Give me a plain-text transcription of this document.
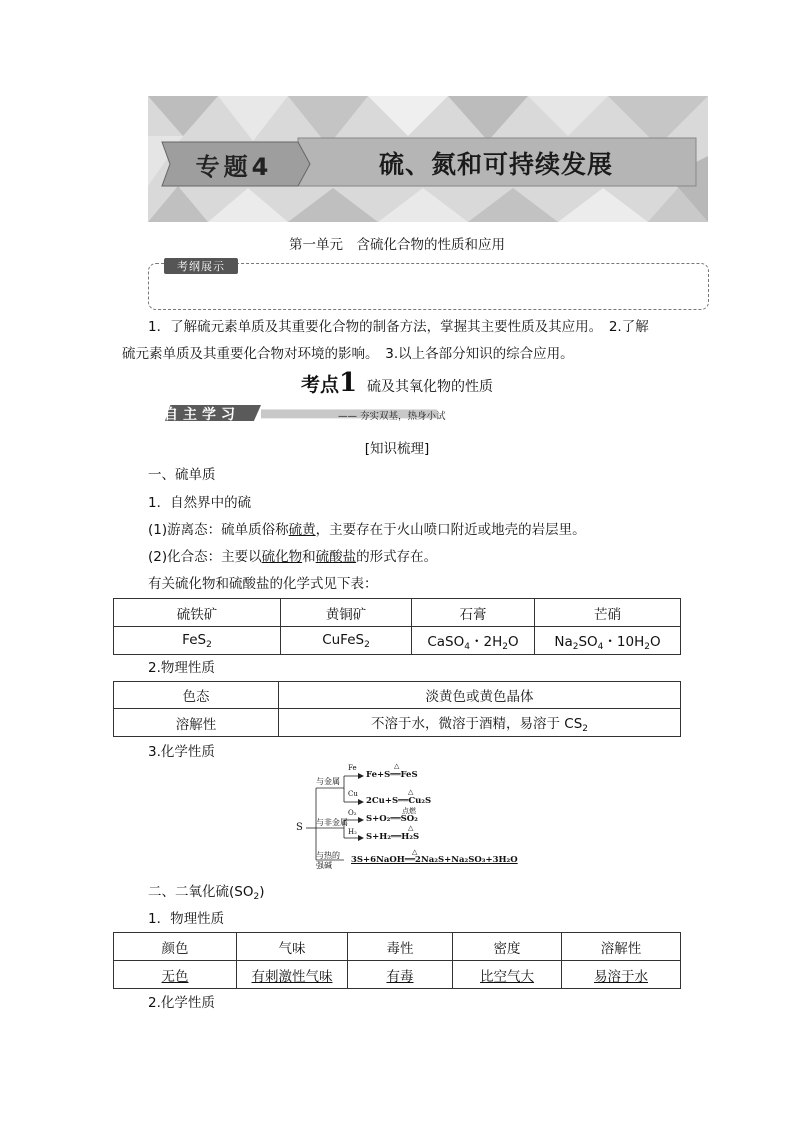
专题4	硫、氮和可持续发展
第一单元　含硫化合物的性质和应用
考纲展示
1．了解硫元素单质及其重要化合物的制备方法，掌握其主要性质及其应用。　2.了解
硫元素单质及其重要化合物对环境的影响。　3.以上各部分知识的综合应用。
考点1 硫及其氧化物的性质
自主学习	—— 夯实双基，热身小试
[知识梳理]
一、硫单质
1．自然界中的硫
(1)游离态：硫单质俗称硫黄，主要存在于火山喷口附近或地壳的岩层里。
(2)化合态：主要以硫化物和硫酸盐的形式存在。
有关硫化物和硫酸盐的化学式见下表：
硫铁矿	黄铜矿	石膏	芒硝
FeS$_2$	CuFeS$_2$	CaSO$_4$・$2H_2O$	$Na_2SO_4$・$10H_2O$
2.物理性质
色态	淡黄色或黄色晶体
溶解性	不溶于水，微溶于酒精，易溶于 $CS_2$
3.化学性质
S
与金属
与非金属
与热的
强碱
Fe
Cu
O₂
H₂
△
△
点燃
△
△
Fe+S══FeS
2Cu+S══Cu₂S
S+O₂══SO₂
S+H₂══H₂S
3S+6NaOH══2Na₂S+Na₂SO₃+3H₂O
二、二氧化硫$(SO_2)$
1．物理性质
颜色	气味	毒性	密度	溶解性
无色	有刺激性气味	有毒	比空气大	易溶于水
2.化学性质
